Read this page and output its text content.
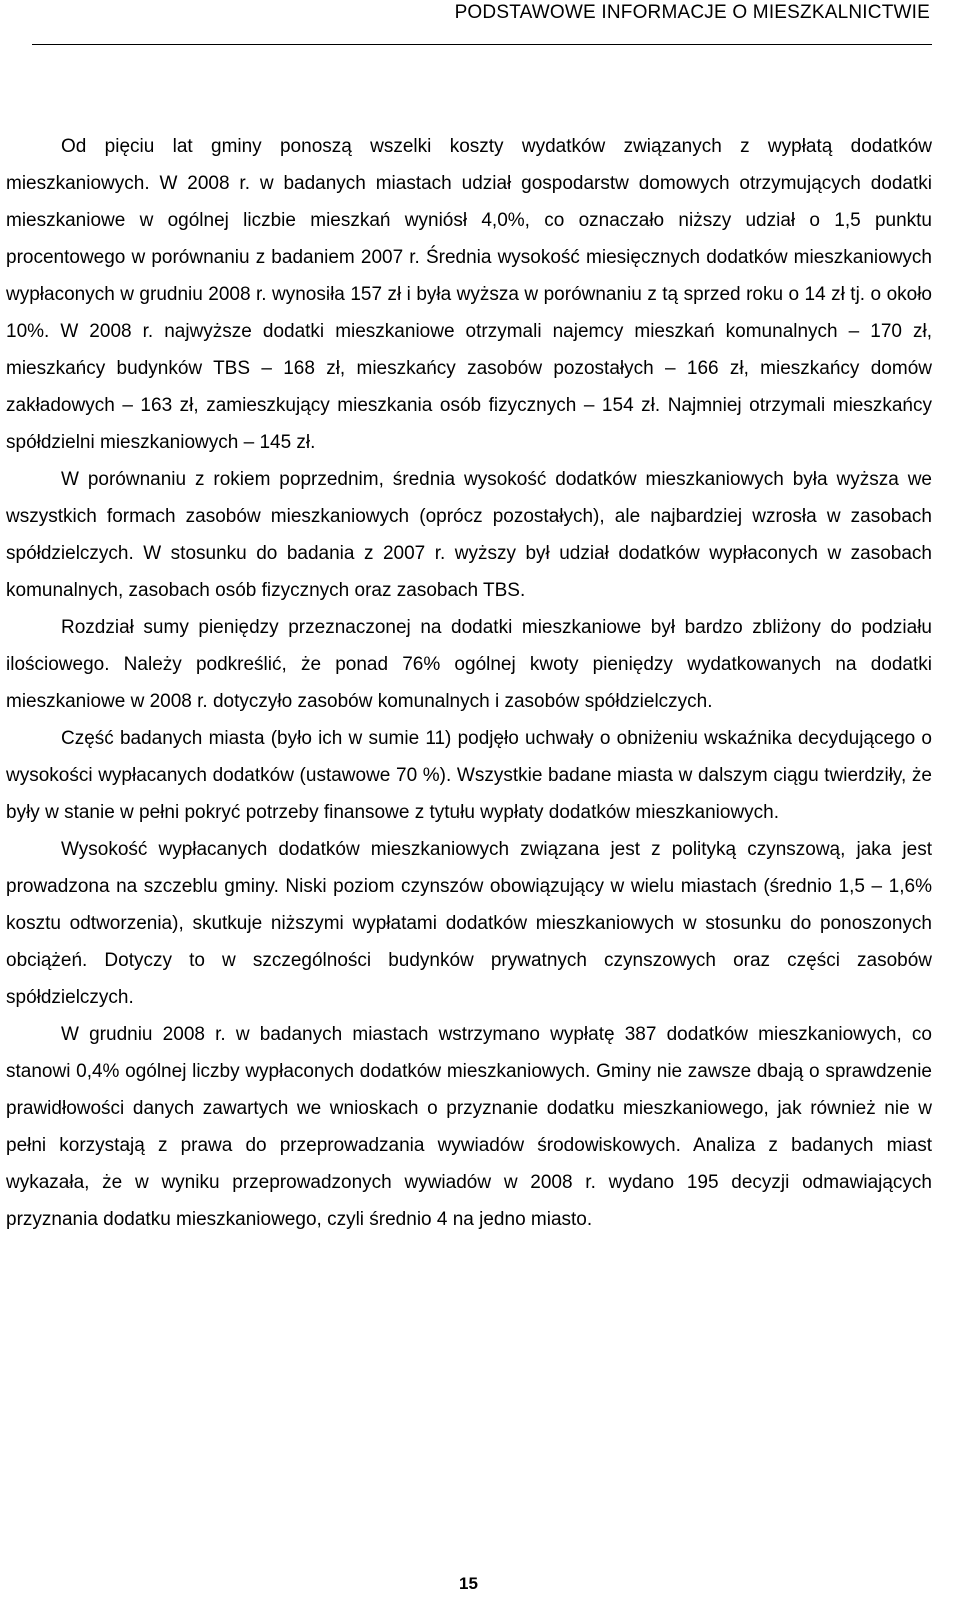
PODSTAWOWE INFORMACJE O MIESZKALNICTWIE

Od pięciu lat gminy ponoszą wszelki koszty wydatków związanych z wypłatą dodatków mieszkaniowych. W 2008 r. w badanych miastach udział gospodarstw domowych otrzymujących dodatki mieszkaniowe w ogólnej liczbie mieszkań wyniósł 4,0%, co oznaczało niższy udział o 1,5 punktu procentowego w porównaniu z badaniem 2007 r. Średnia wysokość miesięcznych dodatków mieszkaniowych wypłaconych w grudniu 2008 r. wynosiła 157 zł i była wyższa w porównaniu z tą sprzed roku o 14 zł tj. o około 10%. W 2008 r. najwyższe dodatki mieszkaniowe otrzymali najemcy mieszkań komunalnych – 170 zł, mieszkańcy budynków TBS – 168 zł, mieszkańcy zasobów pozostałych – 166 zł, mieszkańcy domów zakładowych – 163 zł, zamieszkujący mieszkania osób fizycznych – 154 zł. Najmniej otrzymali mieszkańcy spółdzielni mieszkaniowych – 145 zł.

W porównaniu z rokiem poprzednim, średnia wysokość dodatków mieszkaniowych była wyższa we wszystkich formach zasobów mieszkaniowych (oprócz pozostałych), ale najbardziej wzrosła w zasobach spółdzielczych. W stosunku do badania z 2007 r. wyższy był udział dodatków wypłaconych w zasobach komunalnych, zasobach osób fizycznych oraz zasobach TBS.

Rozdział sumy pieniędzy przeznaczonej na dodatki mieszkaniowe był bardzo zbliżony do podziału ilościowego. Należy podkreślić, że ponad 76% ogólnej kwoty pieniędzy wydatkowanych na dodatki mieszkaniowe w 2008 r. dotyczyło zasobów komunalnych i zasobów spółdzielczych.

Część badanych miasta (było ich w sumie 11) podjęło uchwały o obniżeniu wskaźnika decydującego o wysokości wypłacanych dodatków (ustawowe 70 %). Wszystkie badane miasta w dalszym ciągu twierdziły, że były w stanie w pełni pokryć potrzeby finansowe z tytułu wypłaty dodatków mieszkaniowych.

Wysokość wypłacanych dodatków mieszkaniowych związana jest z polityką czynszową, jaka jest prowadzona na szczeblu gminy. Niski poziom czynszów obowiązujący w wielu miastach (średnio 1,5 – 1,6% kosztu odtworzenia), skutkuje niższymi wypłatami dodatków mieszkaniowych w stosunku do ponoszonych obciążeń. Dotyczy to w szczególności budynków prywatnych czynszowych oraz części zasobów spółdzielczych.

W grudniu 2008 r. w badanych miastach wstrzymano wypłatę 387 dodatków mieszkaniowych, co stanowi 0,4% ogólnej liczby wypłaconych dodatków mieszkaniowych. Gminy nie zawsze dbają o sprawdzenie prawidłowości danych zawartych we wnioskach o przyznanie dodatku mieszkaniowego, jak również nie w pełni korzystają z prawa do przeprowadzania wywiadów środowiskowych. Analiza z badanych miast wykazała, że w wyniku przeprowadzonych wywiadów w 2008 r. wydano 195 decyzji odmawiających przyznania dodatku mieszkaniowego, czyli średnio 4 na jedno miasto.

15
